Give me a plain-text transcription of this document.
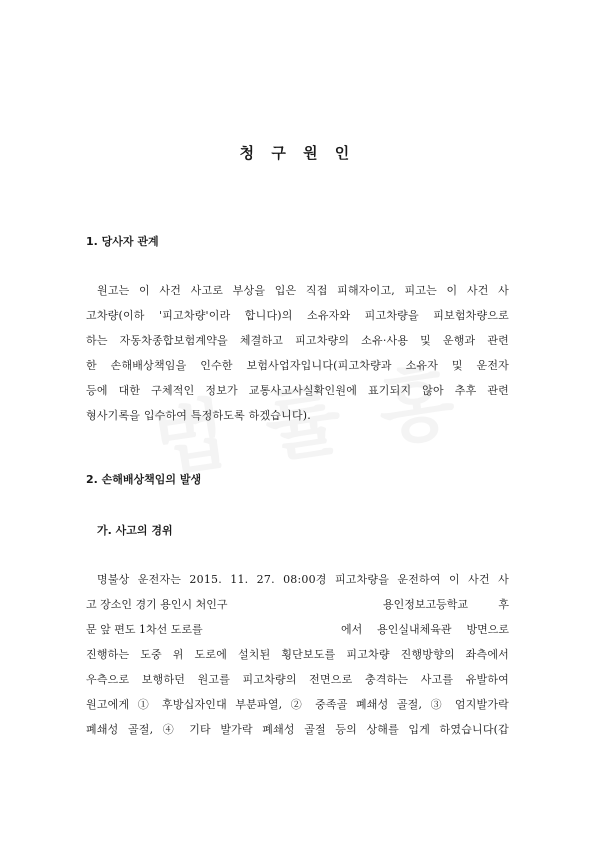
청 구 원 인
1. 당사자 관계
원고는 이 사건 사고로 부상을 입은 직접 피해자이고, 피고는 이 사건 사
고차량(이하 '피고차량'이라 합니다)의 소유자와 피고차량을 피보험차량으로
하는 자동차종합보험계약을 체결하고 피고차량의 소유·사용 및 운행과 관련
한 손해배상책임을 인수한 보험사업자입니다(피고차량과 소유자 및 운전자
등에 대한 구체적인 정보가 교통사고사실확인원에 표기되지 않아 추후 관련
형사기록을 입수하여 특정하도록 하겠습니다).
2. 손해배상책임의 발생
가. 사고의 경위
명불상 운전자는 2015. 11. 27. 08:00경 피고차량을 운전하여 이 사건 사
고 장소인 경기 용인시 처인구	용인정보고등학교 후
문 앞 편도 1차선 도로를	에서 용인실내체육관 방면으로
진행하는 도중 위 도로에 설치된 횡단보도를 피고차량 진행방향의 좌측에서
우측으로 보행하던 원고를 피고차량의 전면으로 충격하는 사고를 유발하여
원고에게 ① 후방십자인대 부분파열, ② 중족골 폐쇄성 골절, ③ 엄지발가락
폐쇄성 골절, ④ 기타 발가락 폐쇄성 골절 등의 상해를 입게 하였습니다(갑
